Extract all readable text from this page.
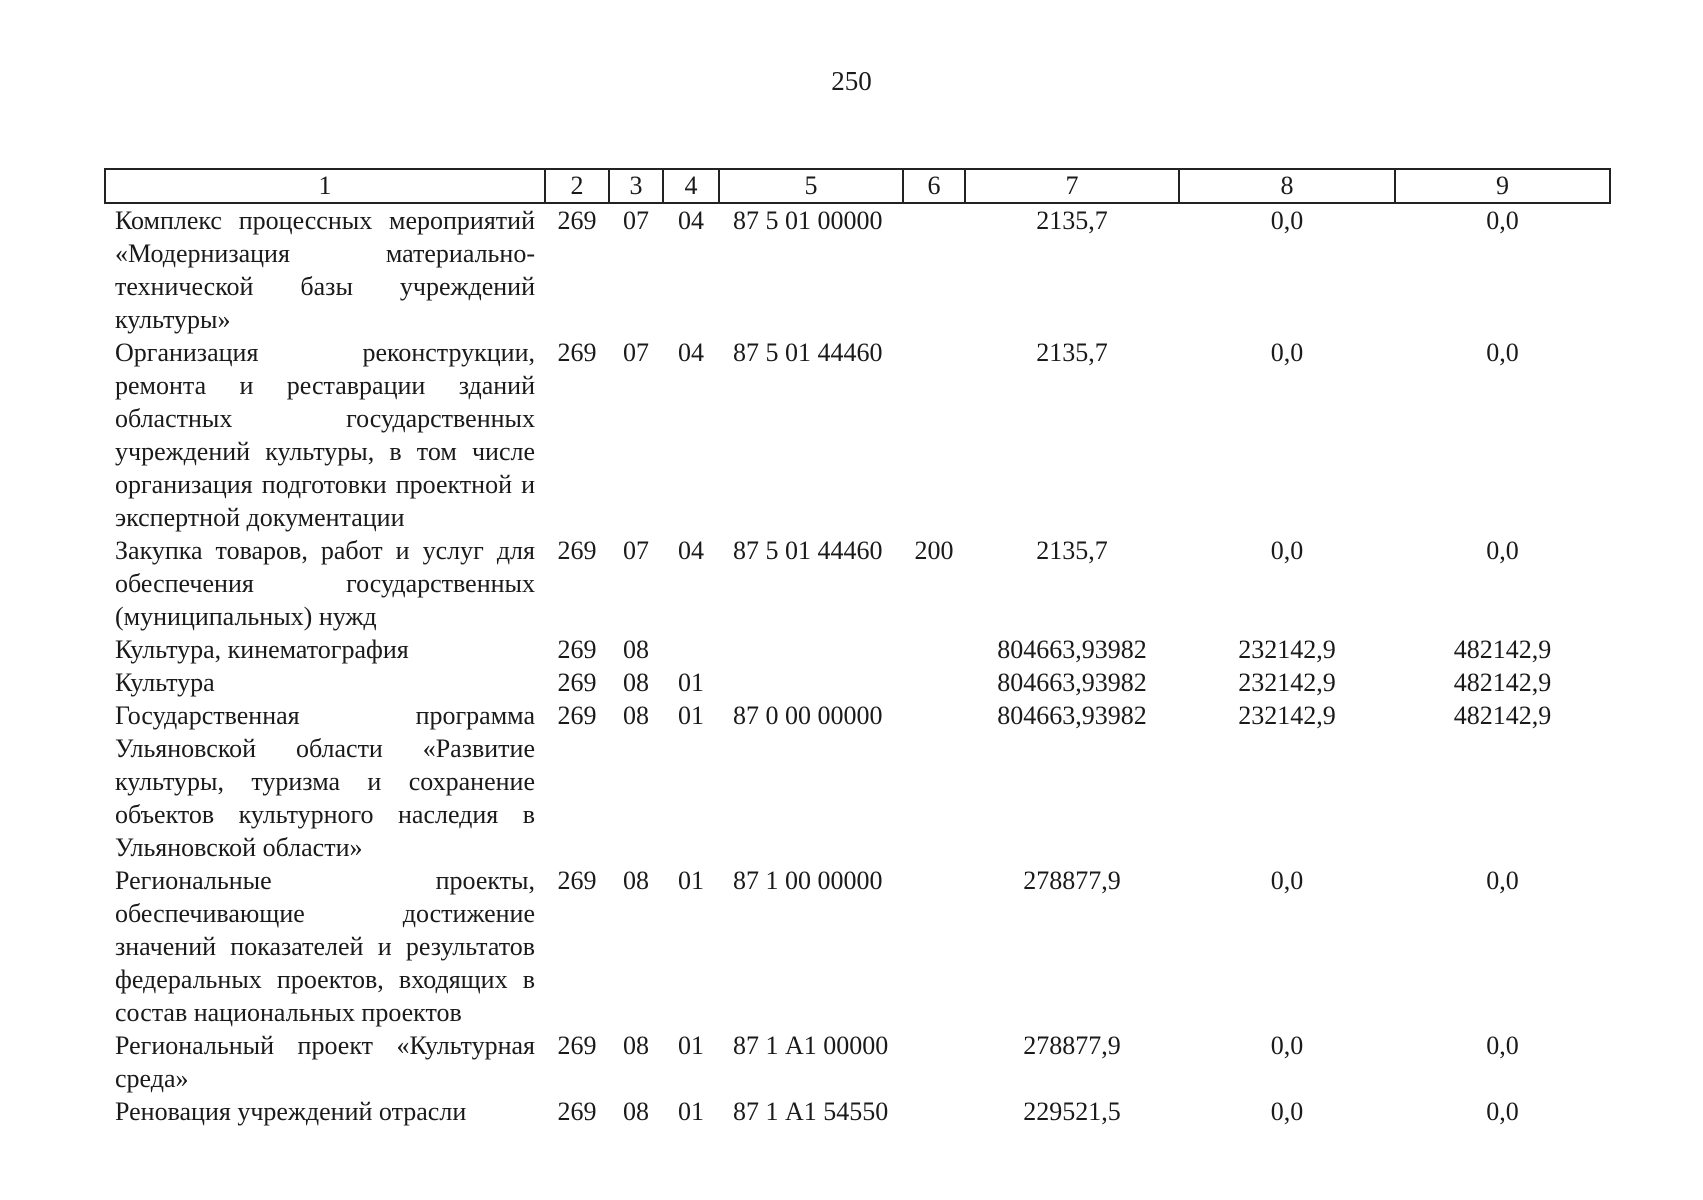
250
1	2	3	4	5	6	7	8	9
Комплекс процессных мероприятий «Модернизация материально-технической базы учреждений культуры»	269	07	04	87 5 01 00000		2135,7	0,0	0,0
Организация реконструкции, ремонта и реставрации зданий областных государственных учреждений культуры, в том числе организация подготовки проектной и экспертной документации	269	07	04	87 5 01 44460		2135,7	0,0	0,0
Закупка товаров, работ и услуг для обеспечения государственных (муниципальных) нужд	269	07	04	87 5 01 44460	200	2135,7	0,0	0,0
Культура, кинематография	269	08				804663,93982	232142,9	482142,9
Культура	269	08	01			804663,93982	232142,9	482142,9
Государственная программа Ульяновской области «Развитие культуры, туризма и сохранение объектов культурного наследия в Ульяновской области»	269	08	01	87 0 00 00000		804663,93982	232142,9	482142,9
Региональные проекты, обеспечивающие достижение значений показателей и результатов федеральных проектов, входящих в состав национальных проектов	269	08	01	87 1 00 00000		278877,9	0,0	0,0
Региональный проект «Культурная среда»	269	08	01	87 1 А1 00000		278877,9	0,0	0,0
Реновация учреждений отрасли	269	08	01	87 1 А1 54550		229521,5	0,0	0,0
